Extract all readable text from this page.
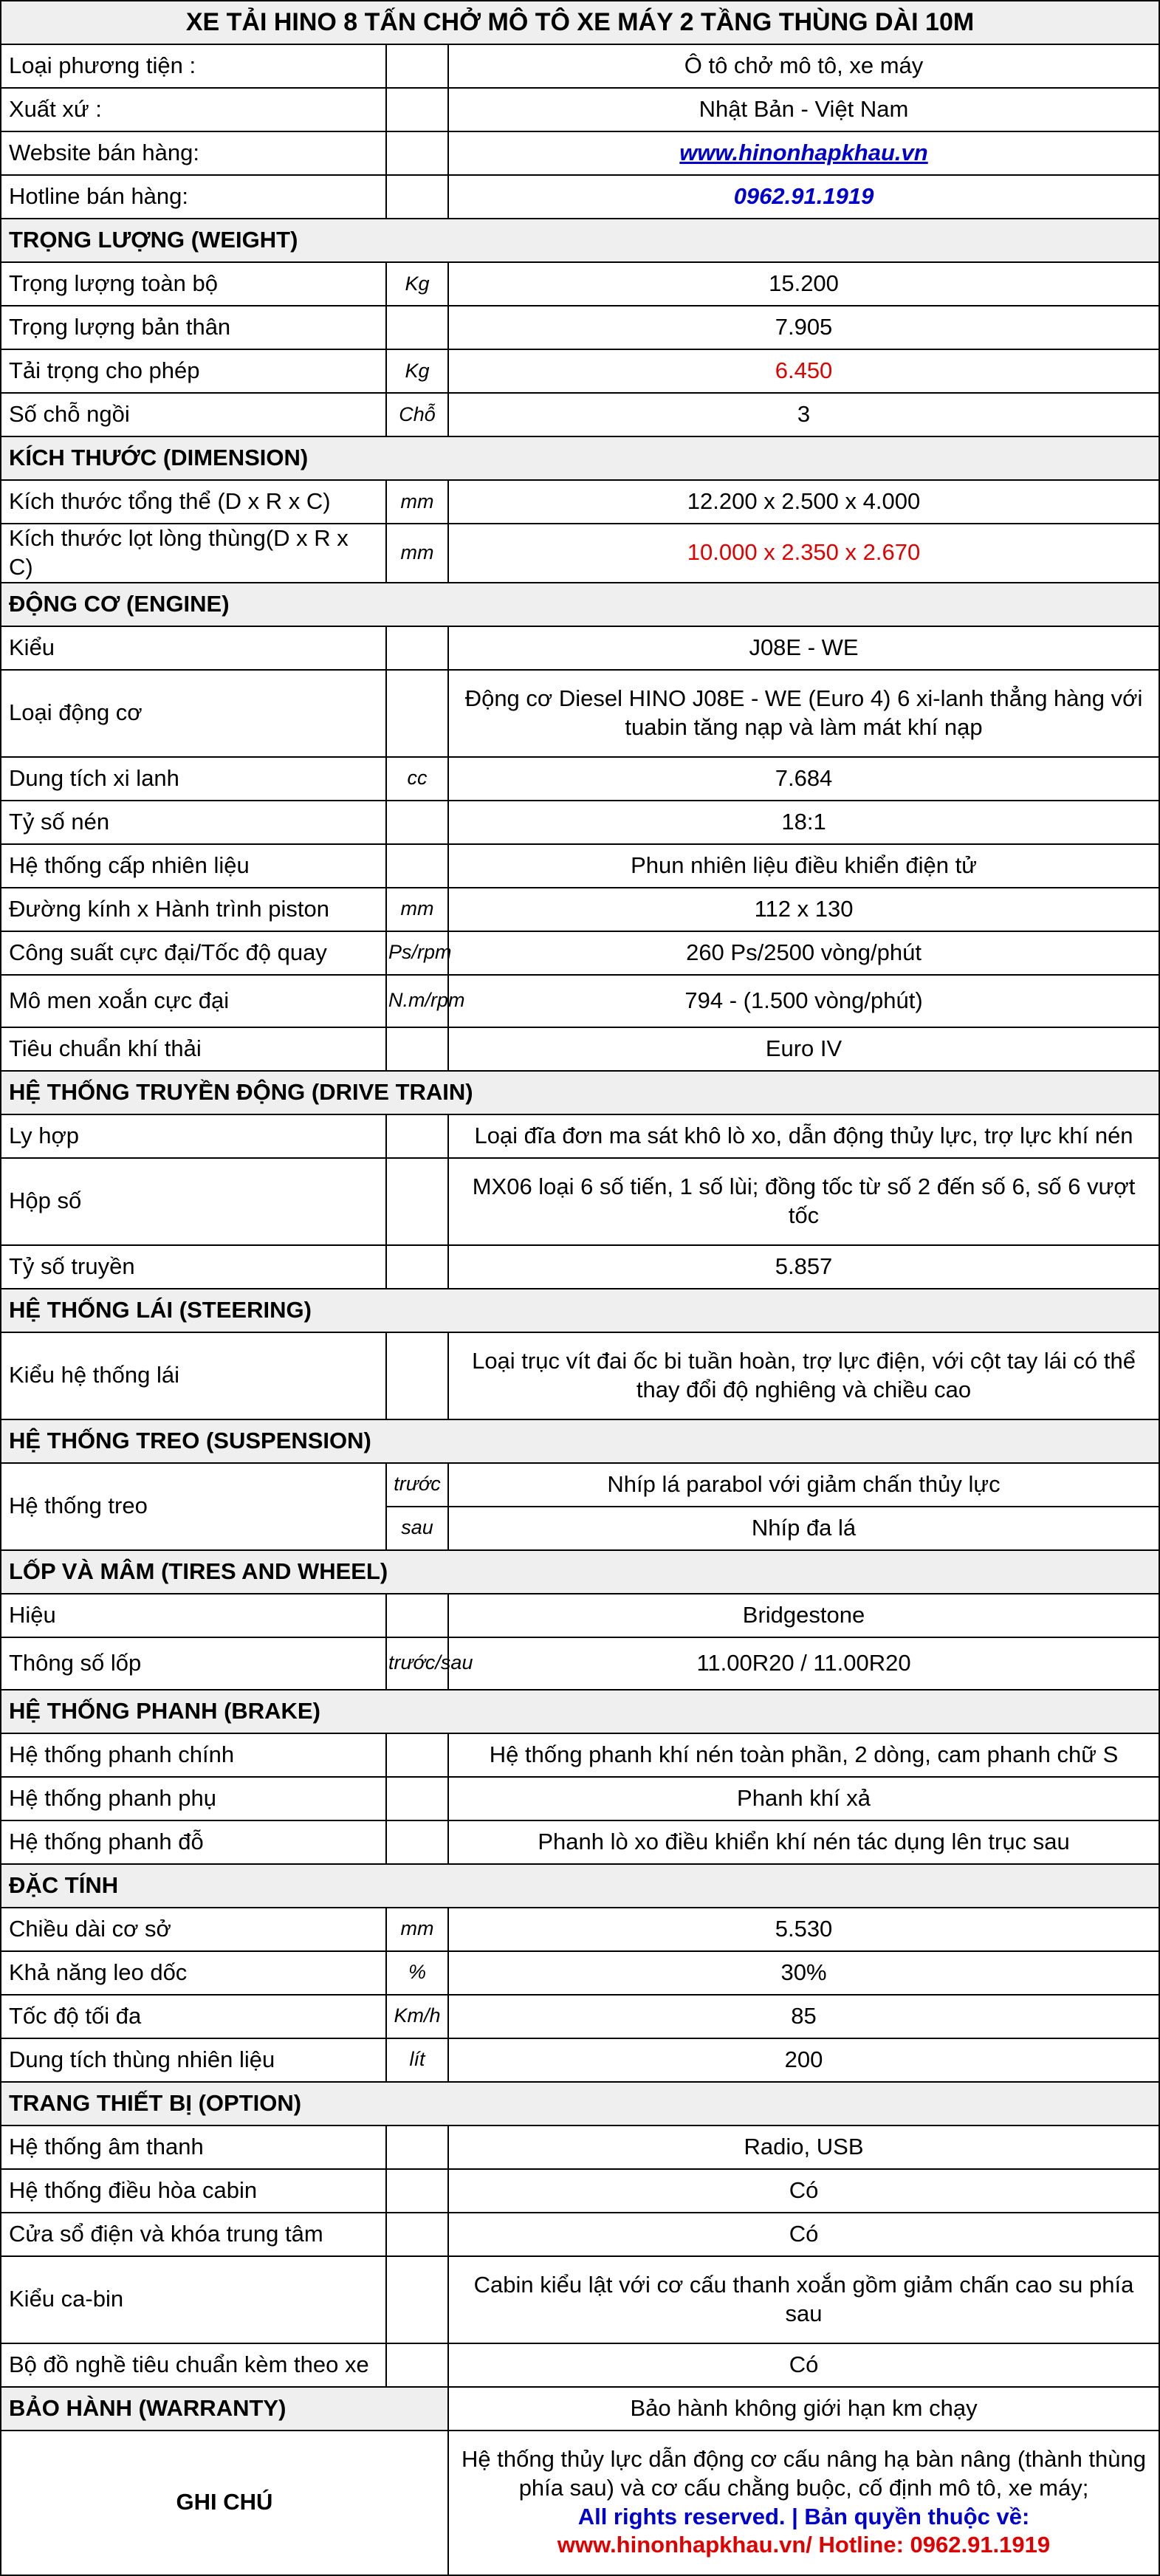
XE TẢI HINO 8 TẤN CHỞ MÔ TÔ XE MÁY 2 TẦNG THÙNG DÀI 10M		
Loại phương tiện :		Ô tô chở mô tô, xe máy
Xuất xứ :		Nhật Bản - Việt Nam
Website bán hàng:		www.hinonhapkhau.vn
Hotline bán hàng:		0962.91.1919
TRỌNG LƯỢNG (WEIGHT)		
Trọng lượng toàn bộ	Kg	15.200
Trọng lượng bản thân		7.905
Tải trọng cho phép	Kg	6.450
Số chỗ ngồi	Chỗ	3
KÍCH THƯỚC (DIMENSION)		
Kích thước tổng thể (D x R x C)	mm	12.200 x 2.500 x 4.000
Kích thước lọt lòng thùng(D x R x C)	mm	10.000 x 2.350 x 2.670
ĐỘNG CƠ (ENGINE)		
Kiểu		J08E - WE
Loại động cơ		Động cơ Diesel HINO J08E - WE (Euro 4) 6 xi-lanh thẳng hàng với tuabin tăng nạp và làm mát khí nạp
Dung tích xi lanh	cc	7.684
Tỷ số nén		18:1
Hệ thống cấp nhiên liệu		Phun nhiên liệu điều khiển điện tử
Đường kính x Hành trình piston	mm	112 x 130
Công suất cực đại/Tốc độ quay	Ps/rpm	260 Ps/2500 vòng/phút
Mô men xoắn cực đại	N.m/rpm	794 - (1.500 vòng/phút)
Tiêu chuẩn khí thải		Euro IV
HỆ THỐNG TRUYỀN ĐỘNG (DRIVE TRAIN)		
Ly hợp		Loại đĩa đơn ma sát khô lò xo, dẫn động thủy lực, trợ lực khí nén
Hộp số		MX06 loại 6 số tiến, 1 số lùi; đồng tốc từ số 2 đến số 6, số 6 vượt tốc
Tỷ số truyền		5.857
HỆ THỐNG LÁI (STEERING)		
Kiểu hệ thống lái		Loại trục vít đai ốc bi tuần hoàn, trợ lực điện, với cột tay lái có thể thay đổi độ nghiêng và chiều cao
HỆ THỐNG TREO (SUSPENSION)		
Hệ thống treo	trước	Nhíp lá parabol với giảm chấn thủy lực
	sau	Nhíp đa lá
LỐP VÀ MÂM (TIRES AND WHEEL)		
Hiệu		Bridgestone
Thông số lốp	trước/sau	11.00R20 / 11.00R20
HỆ THỐNG PHANH (BRAKE)		
Hệ thống phanh chính		Hệ thống phanh khí nén toàn phần, 2 dòng, cam phanh chữ S
Hệ thống phanh phụ		Phanh khí xả
Hệ thống phanh đỗ		Phanh lò xo điều khiển khí nén tác dụng lên trục sau
ĐẶC TÍNH		
Chiều dài cơ sở	mm	5.530
Khả năng leo dốc	%	30%
Tốc độ tối đa	Km/h	85
Dung tích thùng nhiên liệu	lít	200
TRANG THIẾT BỊ (OPTION)		
Hệ thống âm thanh		Radio, USB
Hệ thống điều hòa cabin		Có
Cửa sổ điện và khóa trung tâm		Có
Kiểu ca-bin		Cabin kiểu lật với cơ cấu thanh xoắn gồm giảm chấn cao su phía sau
Bộ đồ nghề tiêu chuẩn kèm theo xe		Có
BẢO HÀNH (WARRANTY)		Bảo hành không giới hạn km chạy
GHI CHÚ		Hệ thống thủy lực dẫn động cơ cấu nâng hạ bàn nâng (thành thùng phía sau) và cơ cấu chằng buộc, cố định mô tô, xe máy;
All rights reserved. | Bản quyền thuộc về:
www.hinonhapkhau.vn/ Hotline: 0962.91.1919
